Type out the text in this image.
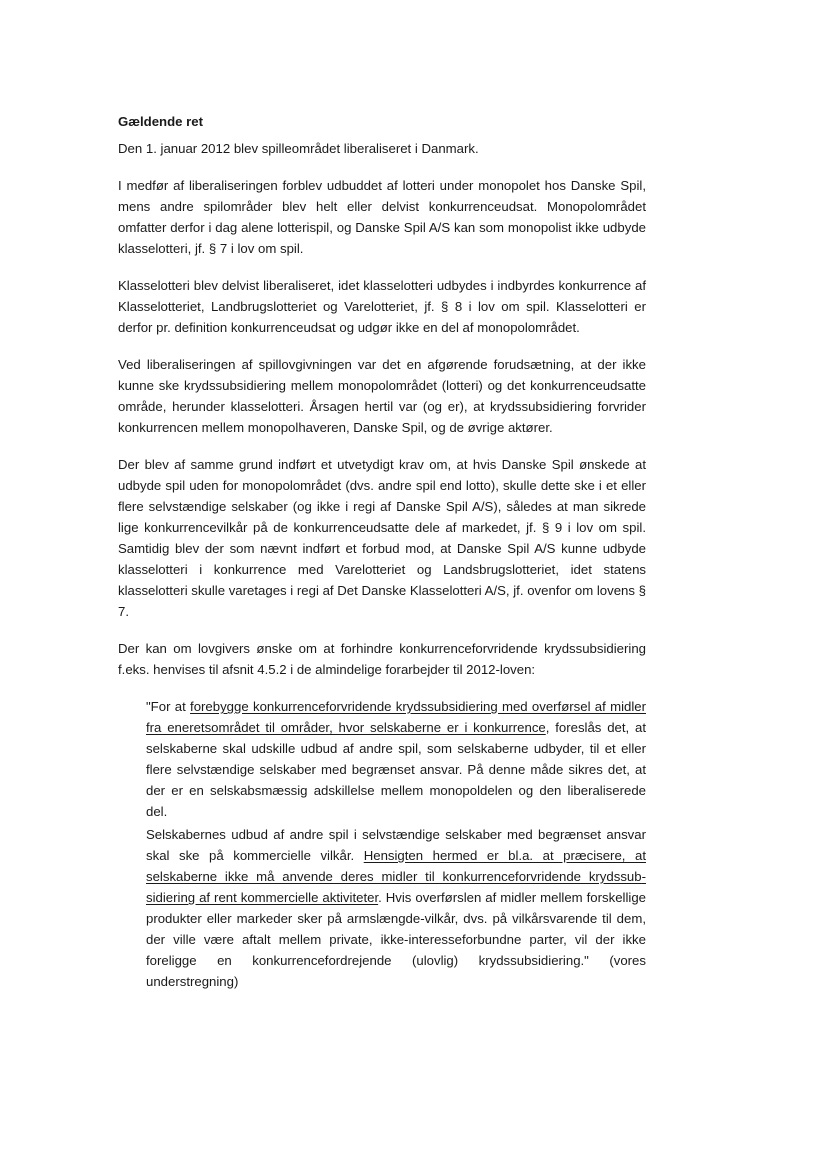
Gældende ret

Den 1. januar 2012 blev spilleområdet liberaliseret i Danmark.

I medfør af liberaliseringen forblev udbuddet af lotteri under monopolet hos Danske Spil, mens andre spilområder blev helt eller delvist konkurrenceudsat. Monopolområdet omfatter derfor i dag alene lotterispil, og Danske Spil A/S kan som monopolist ikke udbyde klasselotteri, jf. § 7 i lov om spil.

Klasselotteri blev delvist liberaliseret, idet klasselotteri udbydes i indbyrdes konkurrence af Klasselotteriet, Landbrugslotteriet og Varelotteriet, jf. § 8 i lov om spil. Klasselotteri er derfor pr. definition konkurrenceudsat og udgør ikke en del af monopolområdet.

Ved liberaliseringen af spillovgivningen var det en afgørende forudsætning, at der ikke kunne ske krydssubsidiering mellem monopolområdet (lotteri) og det konkurrenceudsatte område, herunder klasselotteri. Årsagen hertil var (og er), at krydssubsidiering forvrider konkurrencen mellem monopolhaveren, Danske Spil, og de øvrige aktører.

Der blev af samme grund indført et utvetydigt krav om, at hvis Danske Spil ønskede at udbyde spil uden for monopolområdet (dvs. andre spil end lotto), skulle dette ske i et eller flere selvstændige selskaber (og ikke i regi af Danske Spil A/S), således at man sikrede lige konkurrencevilkår på de konkurrenceudsatte dele af markedet, jf. § 9 i lov om spil. Samtidig blev der som nævnt indført et forbud mod, at Danske Spil A/S kunne udbyde klasselotteri i konkurrence med Varelotteriet og Landsbrugslotteriet, idet statens klasselotteri skulle varetages i regi af Det Danske Klasselotteri A/S, jf. ovenfor om lovens § 7.

Der kan om lovgivers ønske om at forhindre konkurrenceforvridende krydssubsidiering f.eks. henvises til afsnit 4.5.2 i de almindelige forarbejder til 2012-loven:

"For at forebygge konkurrenceforvridende krydssubsidiering med overførsel af midler fra eneretsområdet til områder, hvor selskaberne er i konkurrence, foreslås det, at selskaberne skal udskille udbud af andre spil, som selskaberne udbyder, til et eller flere selvstændige selskaber med begrænset ansvar. På denne måde sikres det, at der er en selskabsmæssig adskillelse mellem monopoldelen og den liberaliserede del.

Selskabernes udbud af andre spil i selvstændige selskaber med begrænset ansvar skal ske på kommercielle vilkår. Hensigten hermed er bl.a. at præcisere, at selskaberne ikke må anvende deres midler til konkurrenceforvridende krydssubsidiering af rent kommercielle aktiviteter. Hvis overførslen af midler mellem forskellige produkter eller markeder sker på armslængde-vilkår, dvs. på vilkårsvarende til dem, der ville være aftalt mellem private, ikke-interesseforbundne parter, vil der ikke foreligge en konkurrencefordrejende (ulovlig) krydssubsidiering." (vores understregning)
